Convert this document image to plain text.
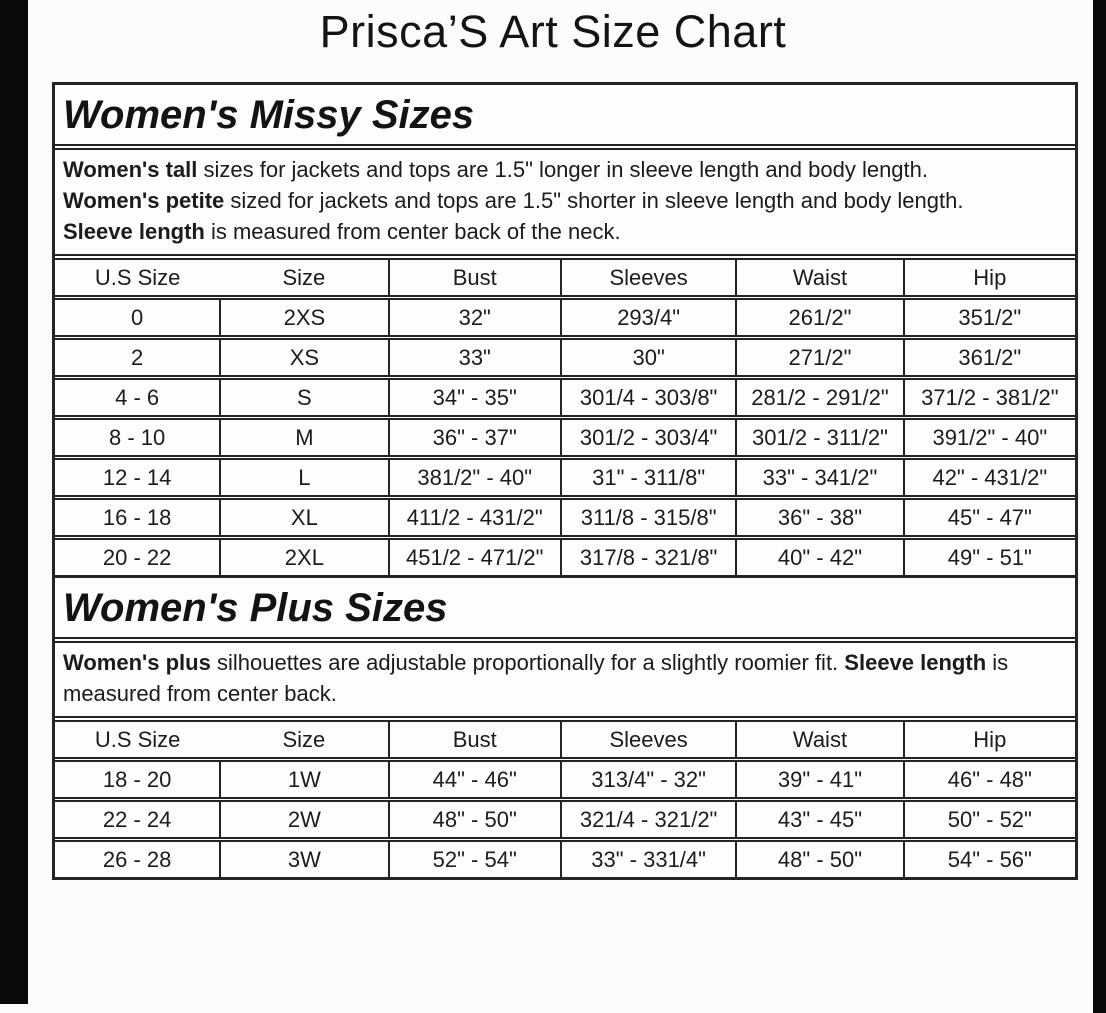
Prisca’S Art Size Chart
Women's Missy Sizes
Women's tall sizes for jackets and tops are 1.5" longer in sleeve length and body length.
Women's petite sized for jackets and tops are 1.5" shorter in sleeve length and body length.
Sleeve length is measured from center back of the neck.
U.S Size	Size	Bust	Sleeves	Waist	Hip
0	2XS	32"	293/4"	261/2"	351/2"
2	XS	33"	30"	271/2"	361/2"
4 - 6	S	34" - 35"	301/4 - 303/8"	281/2 - 291/2"	371/2 - 381/2"
8 - 10	M	36" - 37"	301/2 - 303/4"	301/2 - 311/2"	391/2" - 40"
12 - 14	L	381/2" - 40"	31" - 311/8"	33" - 341/2"	42" - 431/2"
16 - 18	XL	411/2 - 431/2"	311/8 - 315/8"	36" - 38"	45" - 47"
20 - 22	2XL	451/2 - 471/2"	317/8 - 321/8"	40" - 42"	49" - 51"
Women's Plus Sizes
Women's plus silhouettes are adjustable proportionally for a slightly roomier fit. Sleeve length is measured from center back.
U.S Size	Size	Bust	Sleeves	Waist	Hip
18 - 20	1W	44" - 46"	313/4" - 32"	39" - 41"	46" - 48"
22 - 24	2W	48" - 50"	321/4 - 321/2"	43" - 45"	50" - 52"
26 - 28	3W	52" - 54"	33" - 331/4"	48" - 50"	54" - 56"
